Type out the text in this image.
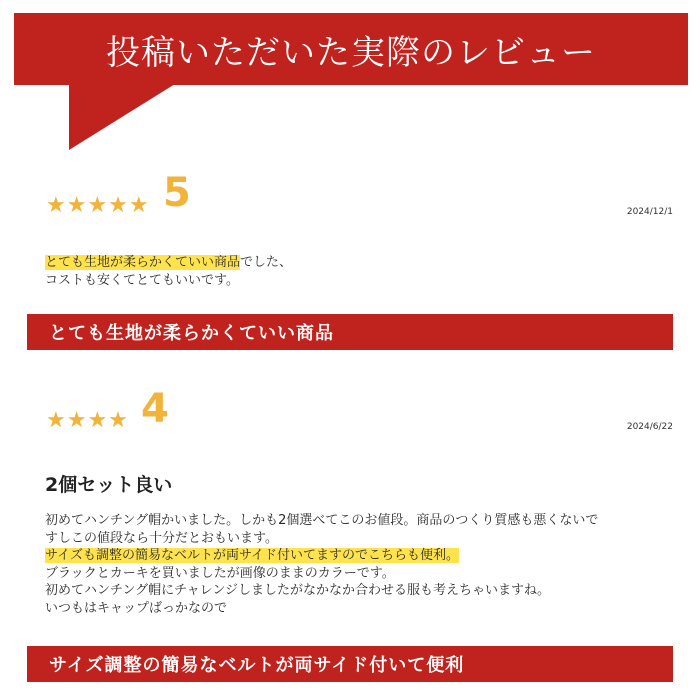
投稿いただいた実際のレビュー
★★★★★ 5	2024/12/1
とても生地が柔らかくていい商品でした、
コストも安くてとてもいいです。
とても生地が柔らかくていい商品
★★★★ 4	2024/6/22
2個セット良い
初めてハンチング帽かいました。しかも2個選べてこのお値段。商品のつくり質感も悪くないで
すしこの値段なら十分だとおもいます。
サイズも調整の簡易なベルトが両サイド付いてますのでこちらも便利。
ブラックとカーキを買いましたが画像のままのカラーです。
初めてハンチング帽にチャレンジしましたがなかなか合わせる服も考えちゃいますね。
いつもはキャップばっかなので
サイズ調整の簡易なベルトが両サイド付いて便利
